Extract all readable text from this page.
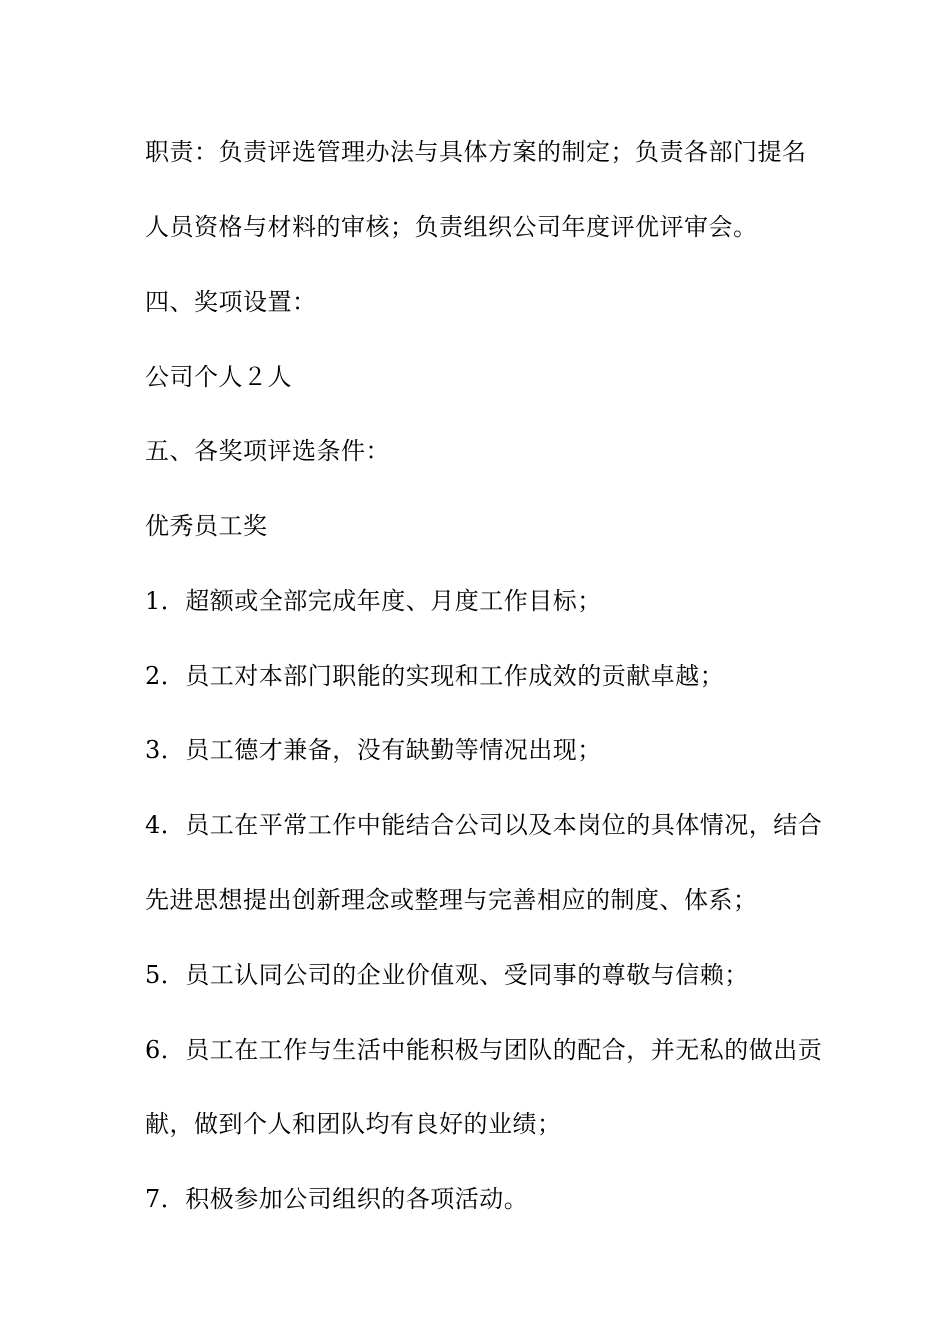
职责：负责评选管理办法与具体方案的制定；负责各部门提名
人员资格与材料的审核；负责组织公司年度评优评审会。
四、奖项设置：
公司个人２人
五、各奖项评选条件：
优秀员工奖
1．超额或全部完成年度、月度工作目标；
2．员工对本部门职能的实现和工作成效的贡献卓越；
3．员工德才兼备，没有缺勤等情况出现；
4．员工在平常工作中能结合公司以及本岗位的具体情况，结合
先进思想提出创新理念或整理与完善相应的制度、体系；
5．员工认同公司的企业价值观、受同事的尊敬与信赖；
6．员工在工作与生活中能积极与团队的配合，并无私的做出贡
献，做到个人和团队均有良好的业绩；
7．积极参加公司组织的各项活动。
